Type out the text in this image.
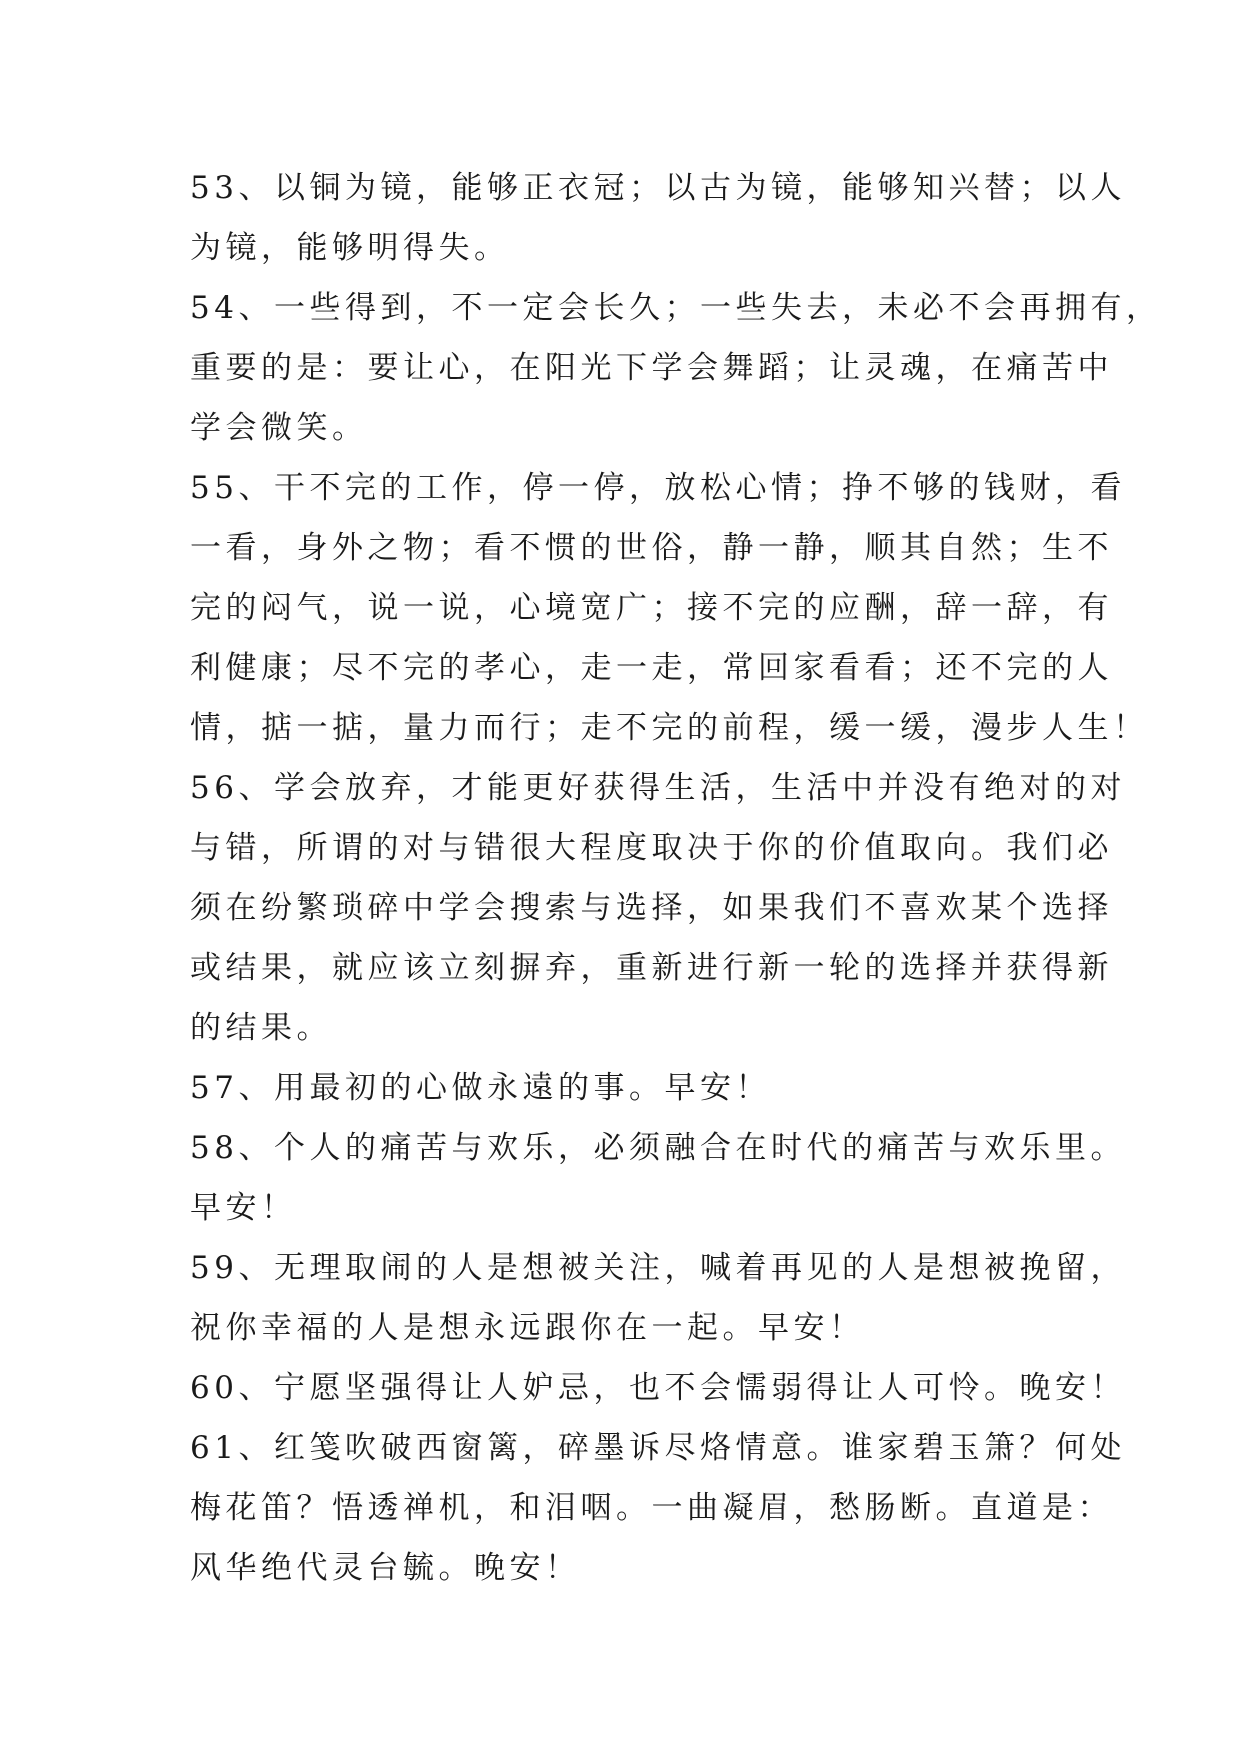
53、以铜为镜，能够正衣冠；以古为镜，能够知兴替；以人
为镜，能够明得失。
54、一些得到，不一定会长久；一些失去，未必不会再拥有，
重要的是：要让心，在阳光下学会舞蹈；让灵魂，在痛苦中
学会微笑。
55、干不完的工作，停一停，放松心情；挣不够的钱财，看
一看，身外之物；看不惯的世俗，静一静，顺其自然；生不
完的闷气，说一说，心境宽广；接不完的应酬，辞一辞，有
利健康；尽不完的孝心，走一走，常回家看看；还不完的人
情，掂一掂，量力而行；走不完的前程，缓一缓，漫步人生！
56、学会放弃，才能更好获得生活，生活中并没有绝对的对
与错，所谓的对与错很大程度取决于你的价值取向。我们必
须在纷繁琐碎中学会搜索与选择，如果我们不喜欢某个选择
或结果，就应该立刻摒弃，重新进行新一轮的选择并获得新
的结果。
57、用最初的心做永遠的事。早安！
58、个人的痛苦与欢乐，必须融合在时代的痛苦与欢乐里。
早安！
59、无理取闹的人是想被关注，喊着再见的人是想被挽留，
祝你幸福的人是想永远跟你在一起。早安！
60、宁愿坚强得让人妒忌，也不会懦弱得让人可怜。晚安！
61、红笺吹破西窗篱，碎墨诉尽烙情意。谁家碧玉箫？何处
梅花笛？悟透禅机，和泪咽。一曲凝眉，愁肠断。直道是：
风华绝代灵台毓。晚安！
